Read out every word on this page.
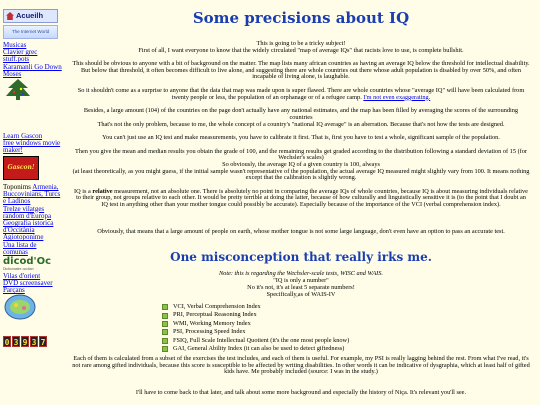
Acueilh
The Internet World
Musicas
Clavier grec
stuff.pots
Karamanli Go Down
Moses
Learn Gascon
free windows movie
maker!
Gascon!
Toponims Armenia,
Buccovinians, Turcs
e Ladinos
Trelze vilatges
random d'Europa
Geografia istorica
d'Occitània
Agiotoponime
Una lista de
comunas
dicod'Oc
Dictionnaire occitan
Vilas d'orient
DVD screensaver
Parçans
0 3 9 3 7
Some precisions about IQ

This is going to be a tricky subject!

First of all, I want everyone to know that the widely circulated "map of average IQs" that racists love to use, is complete bullshit.

This should be obvious to anyone with a bit of background on the matter. The map lists many african countries as having an average IQ below the threshold for intellectual disability. But below that threshold, it often becomes difficult to live alone, and suggesting there are whole countries out there whose adult population is disabled by over 50%, and often incapable of living alone, is laughable.

So it shouldn't come as a surprise to anyone that the data that map was made upon is super flawed. There are whole countries whose "average IQ" will have been calculated from twenty people or less, the population of an orphanage or of a refugee camp. I'm not even exaggerating.

Besides, a large amount (104) of the countries on the page don't actually have any national estimates, and the map has been filled by averaging the scores of the surrounding countries

That's not the only problem, because to me, the whole concept of a country's "national IQ average" is an aberration. Because that's not how the tests are designed.

You can't just use an IQ test and make measurements, you have to calibrate it first. That is, first you have to test a whole, significant sample of the population.

Then you give the mean and median results you obtain the grade of 100, and the remaining results get graded according to the distribution following a standard deviation of 15 (for Wechsler's scales)

So obviously, the average IQ of a given country is 100, always

(at least theoretically, as you might guess, if the initial sample wasn't representative of the population, the actual average IQ measured might slightly vary from 100. It means nothing except that the calibration is slightly wrong.

IQ is a relative measurement, not an absolute one. There is absolutely no point in comparing the average IQs of whole countries, because IQ is about measuring individuals relative to their group, not groups relative to each other. It would be pretty terrible at doing the latter, because of how culturally and linguistically sensitive it is (to the point that I doubt an IQ test in anything other than your mother tongue could possibly be accurate). Especially because of the importance of the VCI (verbal comprehension index).

Obviously, that means that a large amount of people on earth, whose mother tongue is not some large language, don't even have an option to pass an accurate test.

One misconception that really irks me.

Note: this is regarding the Wechsler-scale tests, WISC and WAIS.

"IQ is only a number"

No it's not, it's at least 5 separate numbers!

Specifically,as of WAIS-IV

VCI, Verbal Comprehension Index
PRI, Perceptual Reasoning Index
WMI, Working Memory Index
PSI, Processing Speed Index
FSIQ, Full Scale Intellectual Quotient (it's the one most people know)
GAI, General Ability Index (it can also be used to detect giftedness)

Each of them is calculated from a subset of the exercises the test includes, and each of them is useful. For example, my PSI is really lagging behind the rest. From what I've read, it's not rare among gifted individuals, because this score is susceptible to be affected by writing disabilities. In other words it can be indicative of dysgraphia, which at least half of gifted kids have. Me probably included (source: I was in the study.)

I'll have to come back to that later, and talk about some more background and especially the history of Niça. It's relevant you'll see.
